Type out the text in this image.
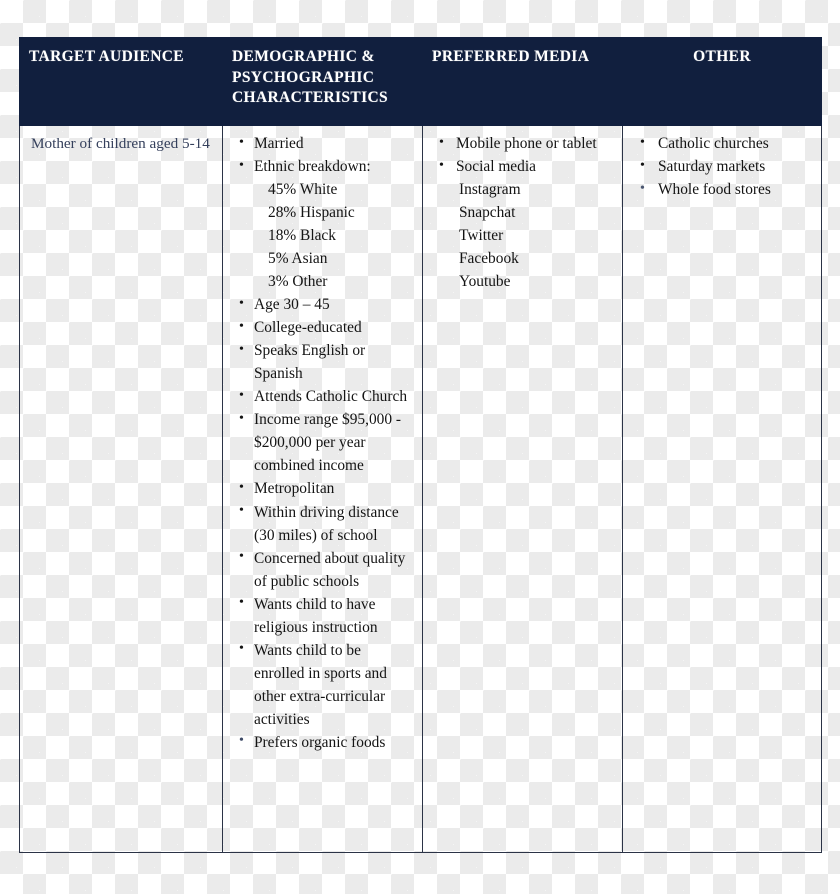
TARGET AUDIENCE	DEMOGRAPHIC & PSYCHOGRAPHIC CHARACTERISTICS	PREFERRED MEDIA	OTHER

Mother of children aged 5-14

•Married
• Ethnic breakdown:
45% White
28% Hispanic
18% Black
5% Asian
3% Other
• Age 30 – 45
• College-educated
• Speaks English or Spanish
• Attends Catholic Church
• Income range $95,000 - $200,000 per year combined income
• Metropolitan
• Within driving distance (30 miles) of school
• Concerned about quality of public schools
• Wants child to have religious instruction
• Wants child to be enrolled in sports and other extra-curricular activities
• Prefers organic foods

• Mobile phone or tablet
• Social media
Instagram
Snapchat
Twitter
Facebook
Youtube

• Catholic churches
• Saturday markets
• Whole food stores
